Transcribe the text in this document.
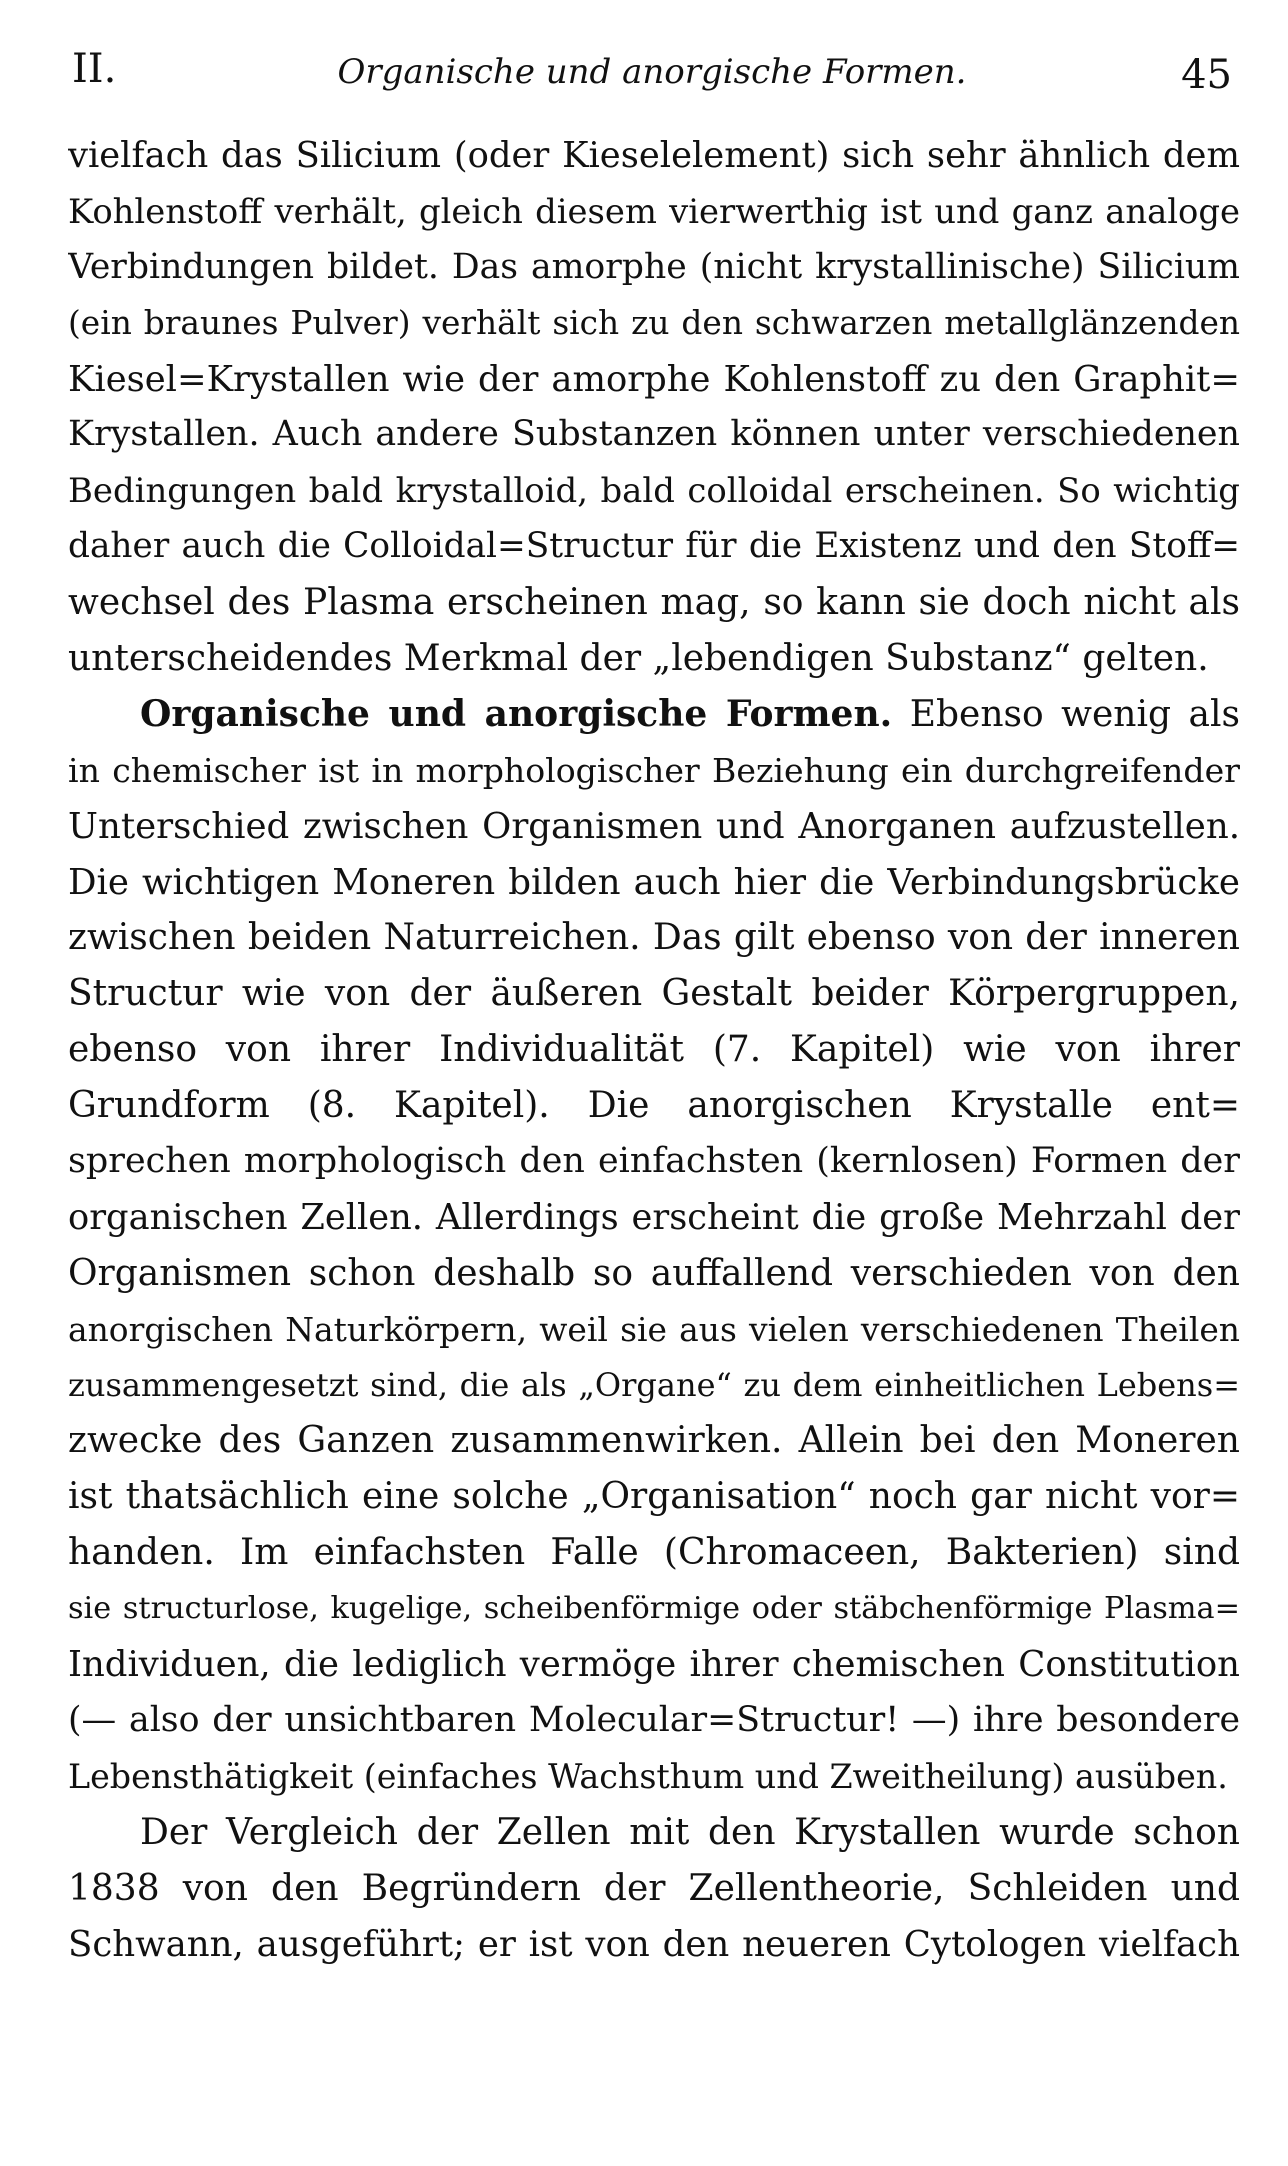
II.	Organische und anorgische Formen.	45
vielfach das Silicium (oder Kieselelement) sich sehr ähnlich dem
Kohlenstoff verhält, gleich diesem vierwerthig ist und ganz analoge
Verbindungen bildet. Das amorphe (nicht krystallinische) Silicium
(ein braunes Pulver) verhält sich zu den schwarzen metallglänzenden
Kiesel=Krystallen wie der amorphe Kohlenstoff zu den Graphit=
Krystallen. Auch andere Substanzen können unter verschiedenen
Bedingungen bald krystalloid, bald colloidal erscheinen. So wichtig
daher auch die Colloidal=Structur für die Existenz und den Stoff=
wechsel des Plasma erscheinen mag, so kann sie doch nicht als
unterscheidendes Merkmal der „lebendigen Substanz“ gelten.
Organische und anorgische Formen. Ebenso wenig als
in chemischer ist in morphologischer Beziehung ein durchgreifender
Unterschied zwischen Organismen und Anorganen aufzustellen.
Die wichtigen Moneren bilden auch hier die Verbindungsbrücke
zwischen beiden Naturreichen. Das gilt ebenso von der inneren
Structur wie von der äußeren Gestalt beider Körpergruppen,
ebenso von ihrer Individualität (7. Kapitel) wie von ihrer
Grundform (8. Kapitel). Die anorgischen Krystalle ent=
sprechen morphologisch den einfachsten (kernlosen) Formen der
organischen Zellen. Allerdings erscheint die große Mehrzahl der
Organismen schon deshalb so auffallend verschieden von den
anorgischen Naturkörpern, weil sie aus vielen verschiedenen Theilen
zusammengesetzt sind, die als „Organe“ zu dem einheitlichen Lebens=
zwecke des Ganzen zusammenwirken. Allein bei den Moneren
ist thatsächlich eine solche „Organisation“ noch gar nicht vor=
handen. Im einfachsten Falle (Chromaceen, Bakterien) sind
sie structurlose, kugelige, scheibenförmige oder stäbchenförmige Plasma=
Individuen, die lediglich vermöge ihrer chemischen Constitution
(— also der unsichtbaren Molecular=Structur! —) ihre besondere
Lebensthätigkeit (einfaches Wachsthum und Zweitheilung) ausüben.
Der Vergleich der Zellen mit den Krystallen wurde schon
1838 von den Begründern der Zellentheorie, Schleiden und
Schwann, ausgeführt; er ist von den neueren Cytologen vielfach
